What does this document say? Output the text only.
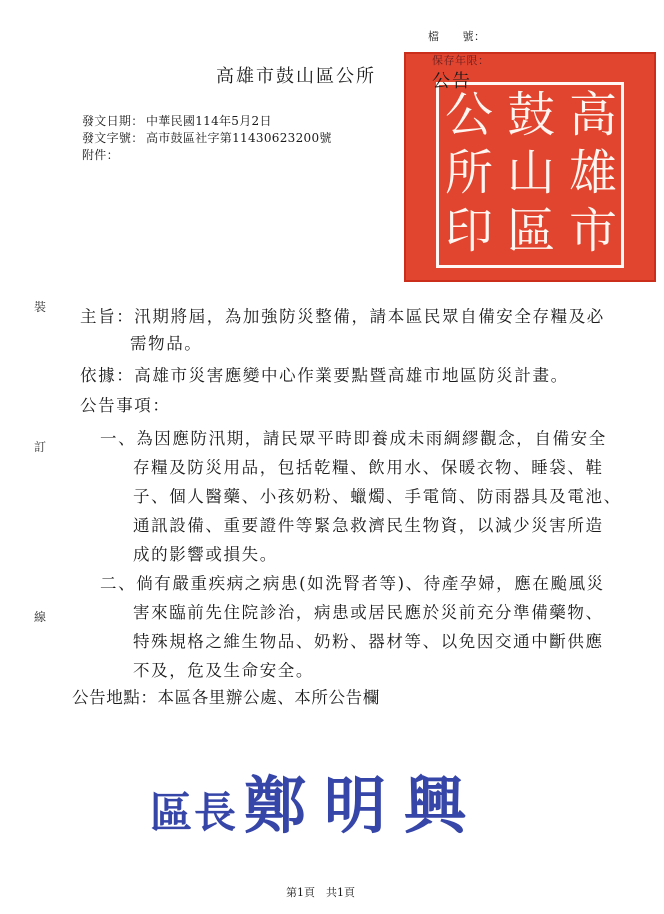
檔　　號：
高
雄
市
鼓
山
區
公
所
印
保存年限：
高雄市鼓山區公所	公告
發文日期： 中華民國114年5月2日
發文字號： 高市鼓區社字第11430623200號
附件：
裝
訂
線
主旨：汛期將屆，為加強防災整備，請本區民眾自備安全存糧及必
需物品。
依據：高雄市災害應變中心作業要點暨高雄市地區防災計畫。
公告事項：
一、為因應防汛期，請民眾平時即養成未雨綢繆觀念，自備安全
存糧及防災用品，包括乾糧、飲用水、保暖衣物、睡袋、鞋
子、個人醫藥、小孩奶粉、蠟燭、手電筒、防雨器具及電池、
通訊設備、重要證件等緊急救濟民生物資，以減少災害所造
成的影響或損失。
二、倘有嚴重疾病之病患(如洗腎者等)、待產孕婦，應在颱風災
害來臨前先住院診治，病患或居民應於災前充分準備藥物、
特殊規格之維生物品、奶粉、器材等、以免因交通中斷供應
不及，危及生命安全。
公告地點：本區各里辦公處、本所公告欄
區長鄭明興
第1頁　共1頁
